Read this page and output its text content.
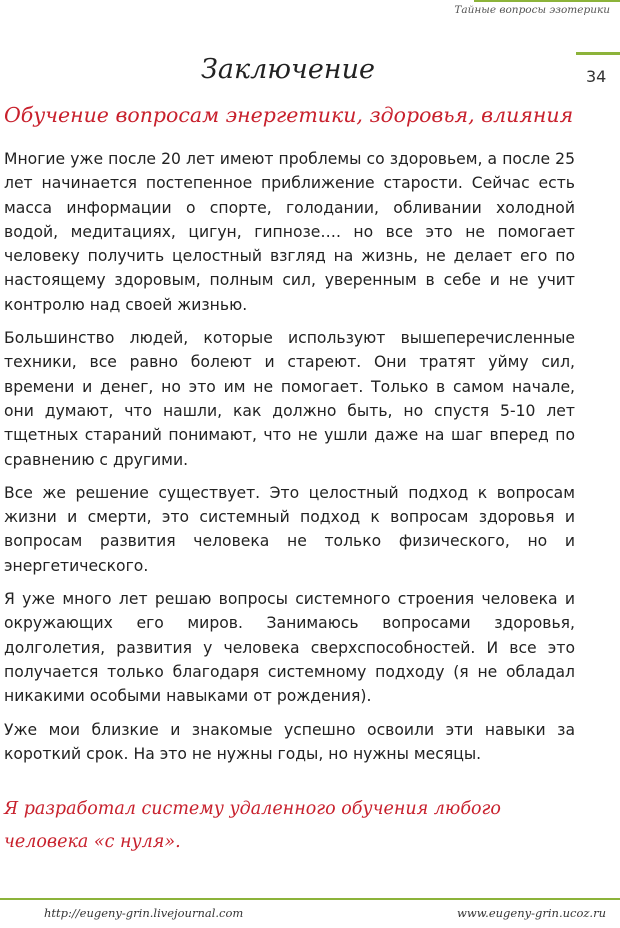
Тайные вопросы эзотерики
34
Заключение
Обучение вопросам энергетики, здоровья, влияния

Многие уже после 20 лет имеют проблемы со здоровьем, а после 25 лет начинается постепенное приближение старости. Сейчас есть масса информации о спорте, голодании, обливании холодной водой, медитациях, цигун, гипнозе…. но все это не помогает человеку получить целостный взгляд на жизнь, не делает его по настоящему здоровым, полным сил, уверенным в себе и не учит контролю над своей жизнью.

Большинство людей, которые используют вышеперечисленные техники, все равно болеют и стареют. Они тратят уйму сил, времени и денег, но это им не помогает. Только в самом начале, они думают, что нашли, как должно быть, но спустя 5-10 лет тщетных стараний понимают, что не ушли даже на шаг вперед по сравнению с другими.

Все же решение существует. Это целостный подход к вопросам жизни и смерти, это системный подход к вопросам здоровья и вопросам развития человека не только физического, но и энергетического.

Я уже много лет решаю вопросы системного строения человека и окружающих его миров. Занимаюсь вопросами здоровья, долголетия, развития у человека сверхспособностей. И все это получается только благодаря системному подходу (я не обладал никакими особыми навыками от рождения).

Уже мои близкие и знакомые успешно освоили эти навыки за короткий срок. На это не нужны годы, но нужны месяцы.

Я разработал систему удаленного обучения любого человека «с нуля».

http://eugeny-grin.livejournal.com	www.eugeny-grin.ucoz.ru
